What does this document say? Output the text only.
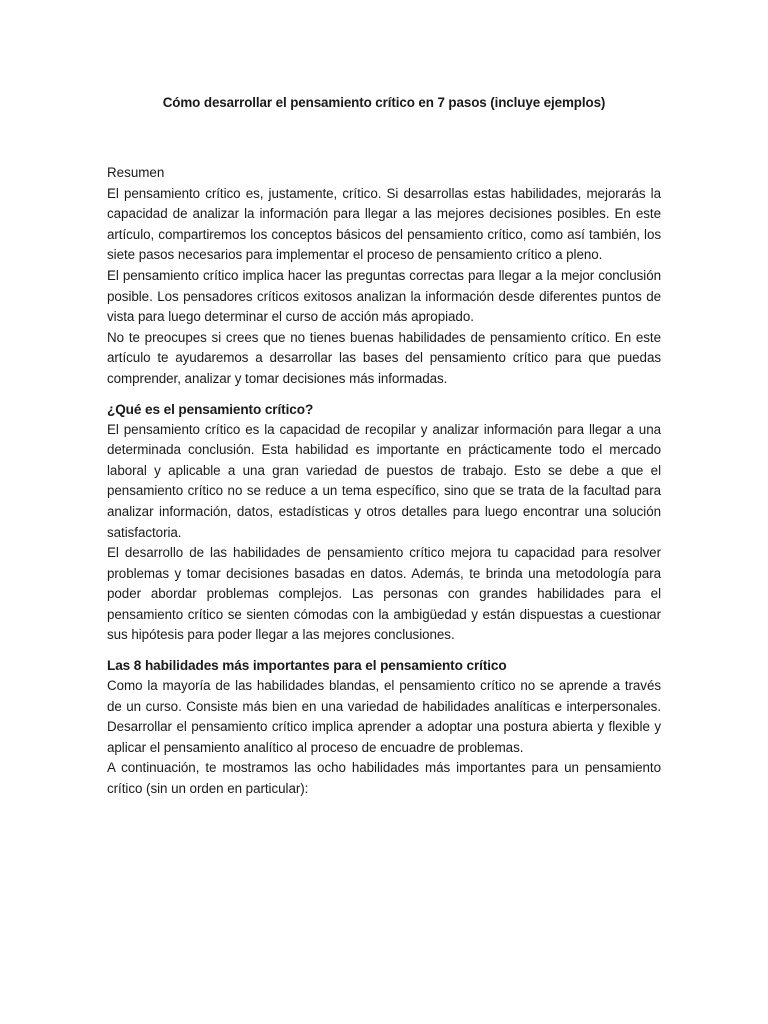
Cómo desarrollar el pensamiento crítico en 7 pasos (incluye ejemplos)
Resumen

El pensamiento crítico es, justamente, crítico. Si desarrollas estas habilidades, mejorarás la capacidad de analizar la información para llegar a las mejores decisiones posibles. En este artículo, compartiremos los conceptos básicos del pensamiento crítico, como así también, los siete pasos necesarios para implementar el proceso de pensamiento crítico a pleno.

El pensamiento crítico implica hacer las preguntas correctas para llegar a la mejor conclusión posible. Los pensadores críticos exitosos analizan la información desde diferentes puntos de vista para luego determinar el curso de acción más apropiado.

No te preocupes si crees que no tienes buenas habilidades de pensamiento crítico. En este artículo te ayudaremos a desarrollar las bases del pensamiento crítico para que puedas comprender, analizar y tomar decisiones más informadas.

¿Qué es el pensamiento crítico?

El pensamiento crítico es la capacidad de recopilar y analizar información para llegar a una determinada conclusión. Esta habilidad es importante en prácticamente todo el mercado laboral y aplicable a una gran variedad de puestos de trabajo. Esto se debe a que el pensamiento crítico no se reduce a un tema específico, sino que se trata de la facultad para analizar información, datos, estadísticas y otros detalles para luego encontrar una solución satisfactoria.

El desarrollo de las habilidades de pensamiento crítico mejora tu capacidad para resolver problemas y tomar decisiones basadas en datos. Además, te brinda una metodología para poder abordar problemas complejos. Las personas con grandes habilidades para el pensamiento crítico se sienten cómodas con la ambigüedad y están dispuestas a cuestionar sus hipótesis para poder llegar a las mejores conclusiones.

Las 8 habilidades más importantes para el pensamiento crítico

Como la mayoría de las habilidades blandas, el pensamiento crítico no se aprende a través de un curso. Consiste más bien en una variedad de habilidades analíticas e interpersonales. Desarrollar el pensamiento crítico implica aprender a adoptar una postura abierta y flexible y aplicar el pensamiento analítico al proceso de encuadre de problemas.

A continuación, te mostramos las ocho habilidades más importantes para un pensamiento crítico (sin un orden en particular):
